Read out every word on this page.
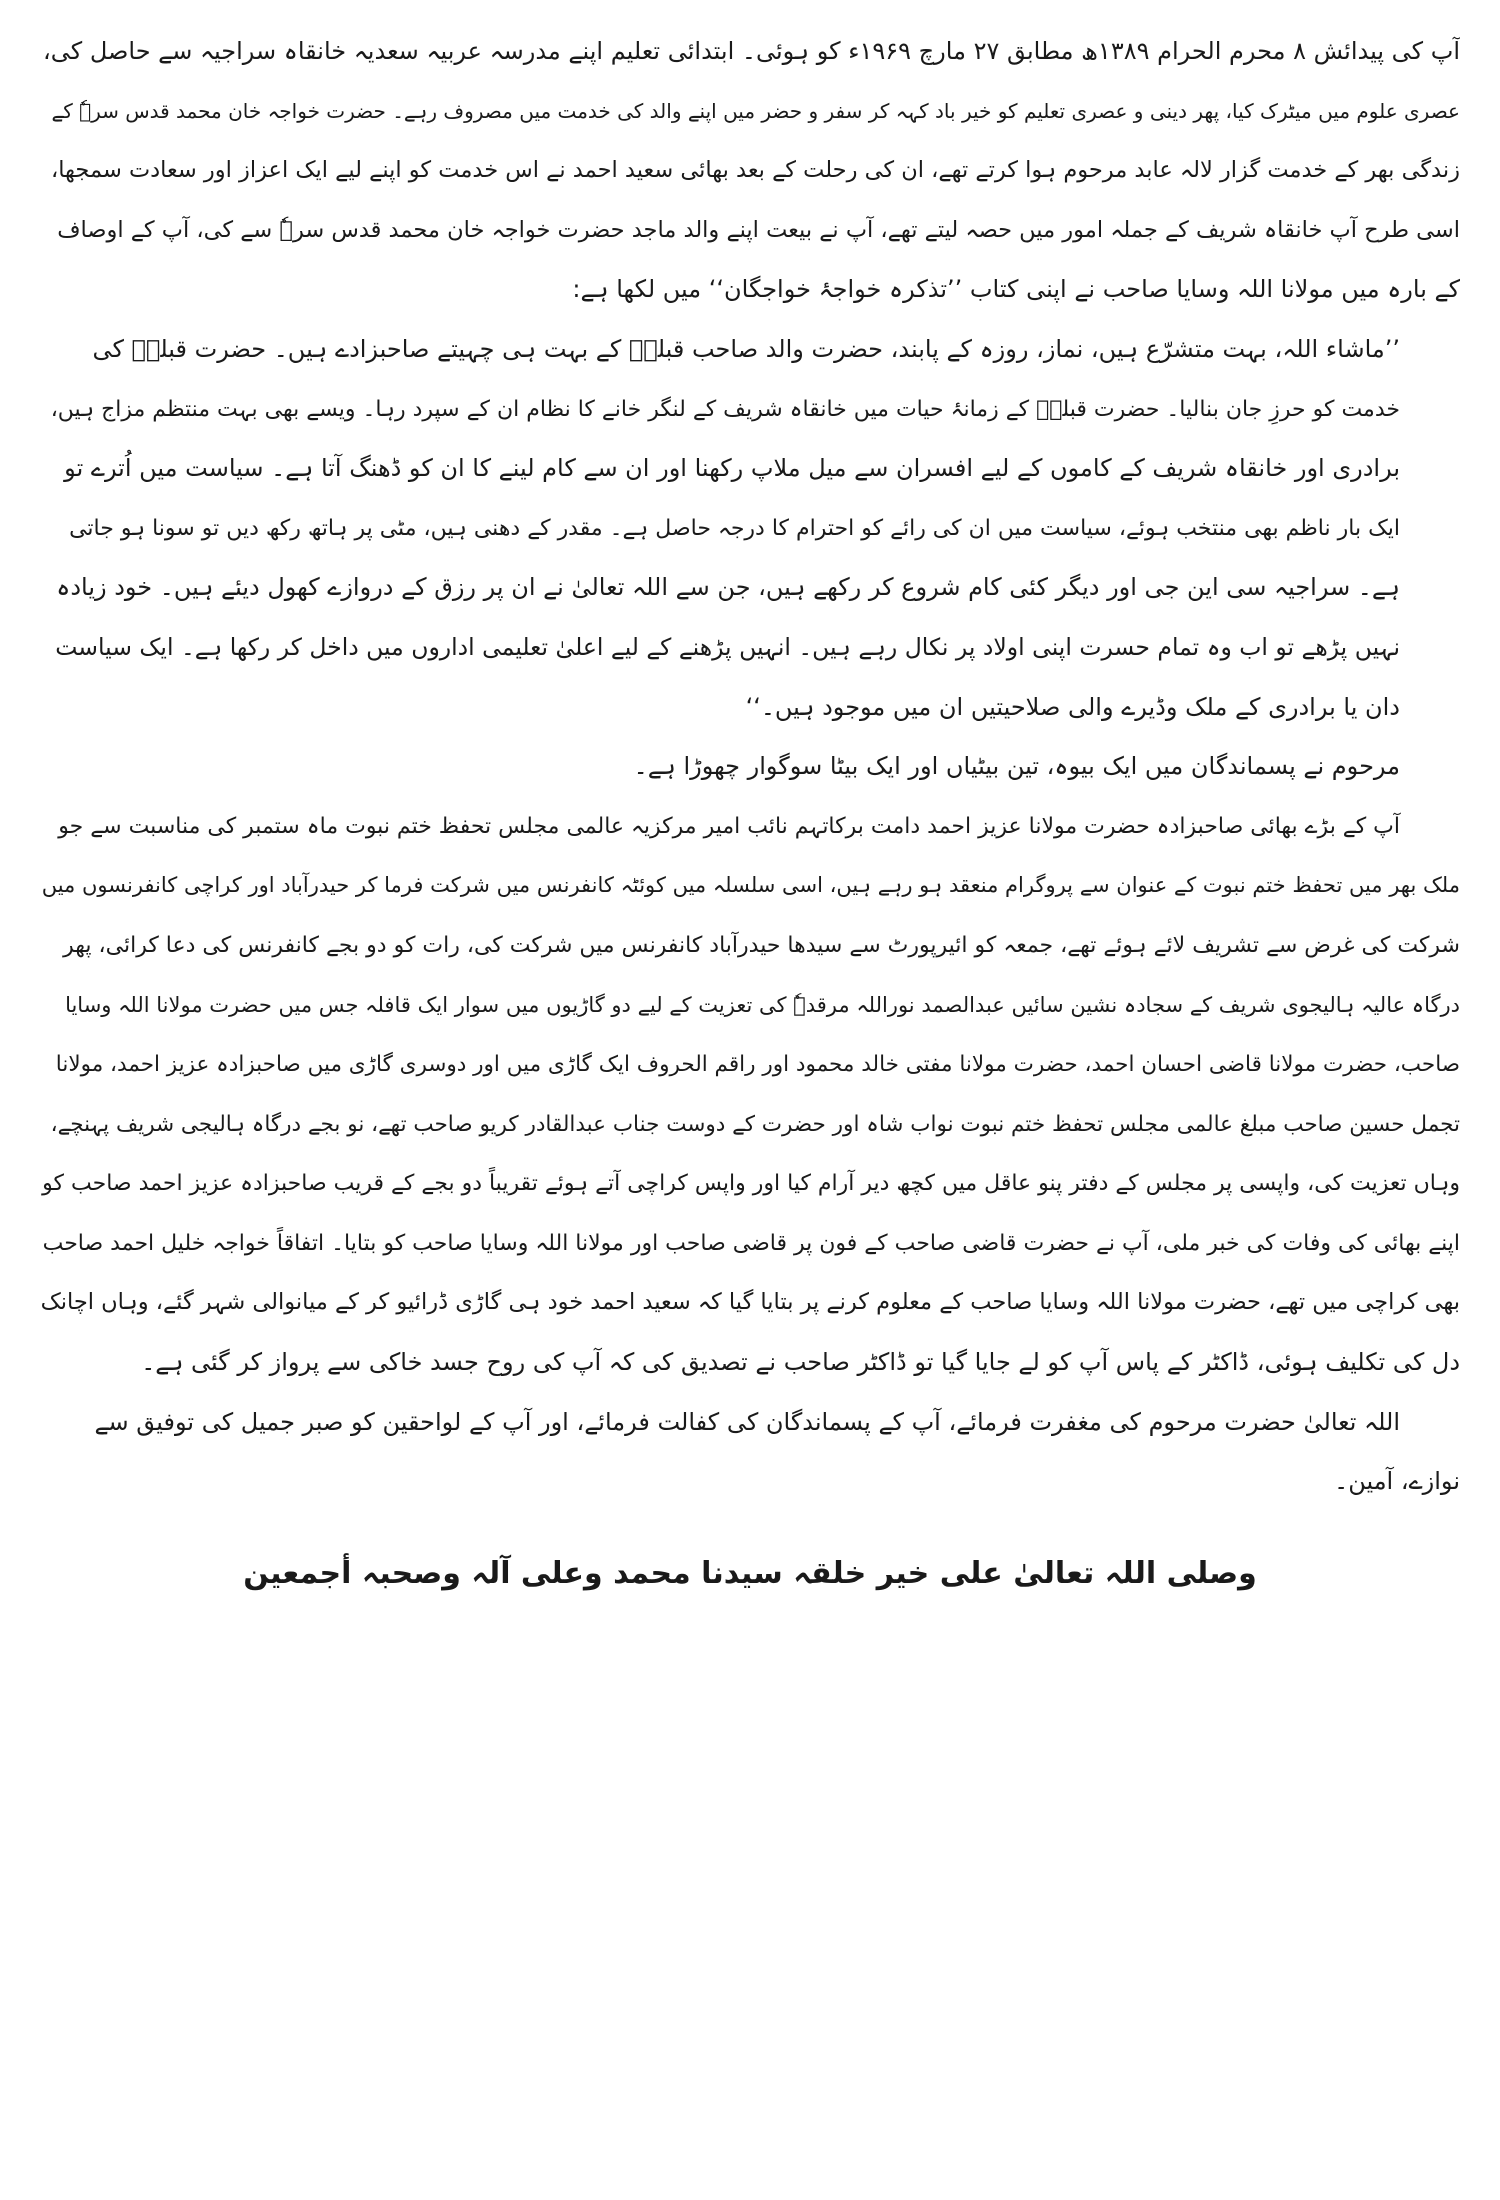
آپ کی پیدائش ۸ محرم الحرام ۱۳۸۹ھ مطابق ۲۷ مارچ ۱۹۶۹ء کو ہوئی۔ ابتدائی تعلیم اپنے مدرسہ عربیہ سعدیہ خانقاہ سراجیہ سے حاصل کی،
عصری علوم میں میٹرک کیا، پھر دینی و عصری تعلیم کو خیر باد کہہ کر سفر و حضر میں اپنے والد کی خدمت میں مصروف رہے۔ حضرت خواجہ خان محمد قدس سرہٗ کے
زندگی بھر کے خدمت گزار لالہ عابد مرحوم ہوا کرتے تھے، ان کی رحلت کے بعد بھائی سعید احمد نے اس خدمت کو اپنے لیے ایک اعزاز اور سعادت سمجھا،
اسی طرح آپ خانقاہ شریف کے جملہ امور میں حصہ لیتے تھے، آپ نے بیعت اپنے والد ماجد حضرت خواجہ خان محمد قدس سرہٗ سے کی، آپ کے اوصاف
کے بارہ میں مولانا اللہ وسایا صاحب نے اپنی کتاب ’’تذکرہ خواجۂ خواجگان‘‘ میں لکھا ہے:

’’ماشاء اللہ، بہت متشرّع ہیں، نماز، روزہ کے پابند، حضرت والد صاحب قبلہؒ کے بہت ہی چہیتے صاحبزادے ہیں۔ حضرت قبلہؒ کی
خدمت کو حرزِ جان بنالیا۔ حضرت قبلہؒ کے زمانۂ حیات میں خانقاہ شریف کے لنگر خانے کا نظام ان کے سپرد رہا۔ ویسے بھی بہت منتظم مزاج ہیں،
برادری اور خانقاہ شریف کے کاموں کے لیے افسران سے میل ملاپ رکھنا اور ان سے کام لینے کا ان کو ڈھنگ آتا ہے۔ سیاست میں اُترے تو
ایک بار ناظم بھی منتخب ہوئے، سیاست میں ان کی رائے کو احترام کا درجہ حاصل ہے۔ مقدر کے دھنی ہیں، مٹی پر ہاتھ رکھ دیں تو سونا ہو جاتی
ہے۔ سراجیہ سی این جی اور دیگر کئی کام شروع کر رکھے ہیں، جن سے اللہ تعالیٰ نے ان پر رزق کے دروازے کھول دیئے ہیں۔ خود زیادہ
نہیں پڑھے تو اب وہ تمام حسرت اپنی اولاد پر نکال رہے ہیں۔ انہیں پڑھنے کے لیے اعلیٰ تعلیمی اداروں میں داخل کر رکھا ہے۔ ایک سیاست
دان یا برادری کے ملک وڈیرے والی صلاحیتیں ان میں موجود ہیں۔‘‘

مرحوم نے پسماندگان میں ایک بیوہ، تین بیٹیاں اور ایک بیٹا سوگوار چھوڑا ہے۔

آپ کے بڑے بھائی صاحبزادہ حضرت مولانا عزیز احمد دامت برکاتہم نائب امیر مرکزیہ عالمی مجلس تحفظ ختم نبوت ماہ ستمبر کی مناسبت سے جو
ملک بھر میں تحفظ ختم نبوت کے عنوان سے پروگرام منعقد ہو رہے ہیں، اسی سلسلہ میں کوئٹہ کانفرنس میں شرکت فرما کر حیدرآباد اور کراچی کانفرنسوں میں
شرکت کی غرض سے تشریف لائے ہوئے تھے، جمعہ کو ائیرپورٹ سے سیدھا حیدرآباد کانفرنس میں شرکت کی، رات کو دو بجے کانفرنس کی دعا کرائی، پھر
درگاہ عالیہ ہالیجوی شریف کے سجادہ نشین سائیں عبدالصمد نوراللہ مرقدہٗ کی تعزیت کے لیے دو گاڑیوں میں سوار ایک قافلہ جس میں حضرت مولانا اللہ وسایا
صاحب، حضرت مولانا قاضی احسان احمد، حضرت مولانا مفتی خالد محمود اور راقم الحروف ایک گاڑی میں اور دوسری گاڑی میں صاحبزادہ عزیز احمد، مولانا
تجمل حسین صاحب مبلغ عالمی مجلس تحفظ ختم نبوت نواب شاہ اور حضرت کے دوست جناب عبدالقادر کریو صاحب تھے، نو بجے درگاہ ہالیجی شریف پہنچے،
وہاں تعزیت کی، واپسی پر مجلس کے دفتر پنو عاقل میں کچھ دیر آرام کیا اور واپس کراچی آتے ہوئے تقریباً دو بجے کے قریب صاحبزادہ عزیز احمد صاحب کو
اپنے بھائی کی وفات کی خبر ملی، آپ نے حضرت قاضی صاحب کے فون پر قاضی صاحب اور مولانا اللہ وسایا صاحب کو بتایا۔ اتفاقاً خواجہ خلیل احمد صاحب
بھی کراچی میں تھے، حضرت مولانا اللہ وسایا صاحب کے معلوم کرنے پر بتایا گیا کہ سعید احمد خود ہی گاڑی ڈرائیو کر کے میانوالی شہر گئے، وہاں اچانک
دل کی تکلیف ہوئی، ڈاکٹر کے پاس آپ کو لے جایا گیا تو ڈاکٹر صاحب نے تصدیق کی کہ آپ کی روح جسد خاکی سے پرواز کر گئی ہے۔

اللہ تعالیٰ حضرت مرحوم کی مغفرت فرمائے، آپ کے پسماندگان کی کفالت فرمائے، اور آپ کے لواحقین کو صبر جمیل کی توفیق سے
نوازے، آمین۔

وصلی اللہ تعالیٰ علی خیر خلقہ سیدنا محمد وعلی آلہ وصحبہ أجمعین
